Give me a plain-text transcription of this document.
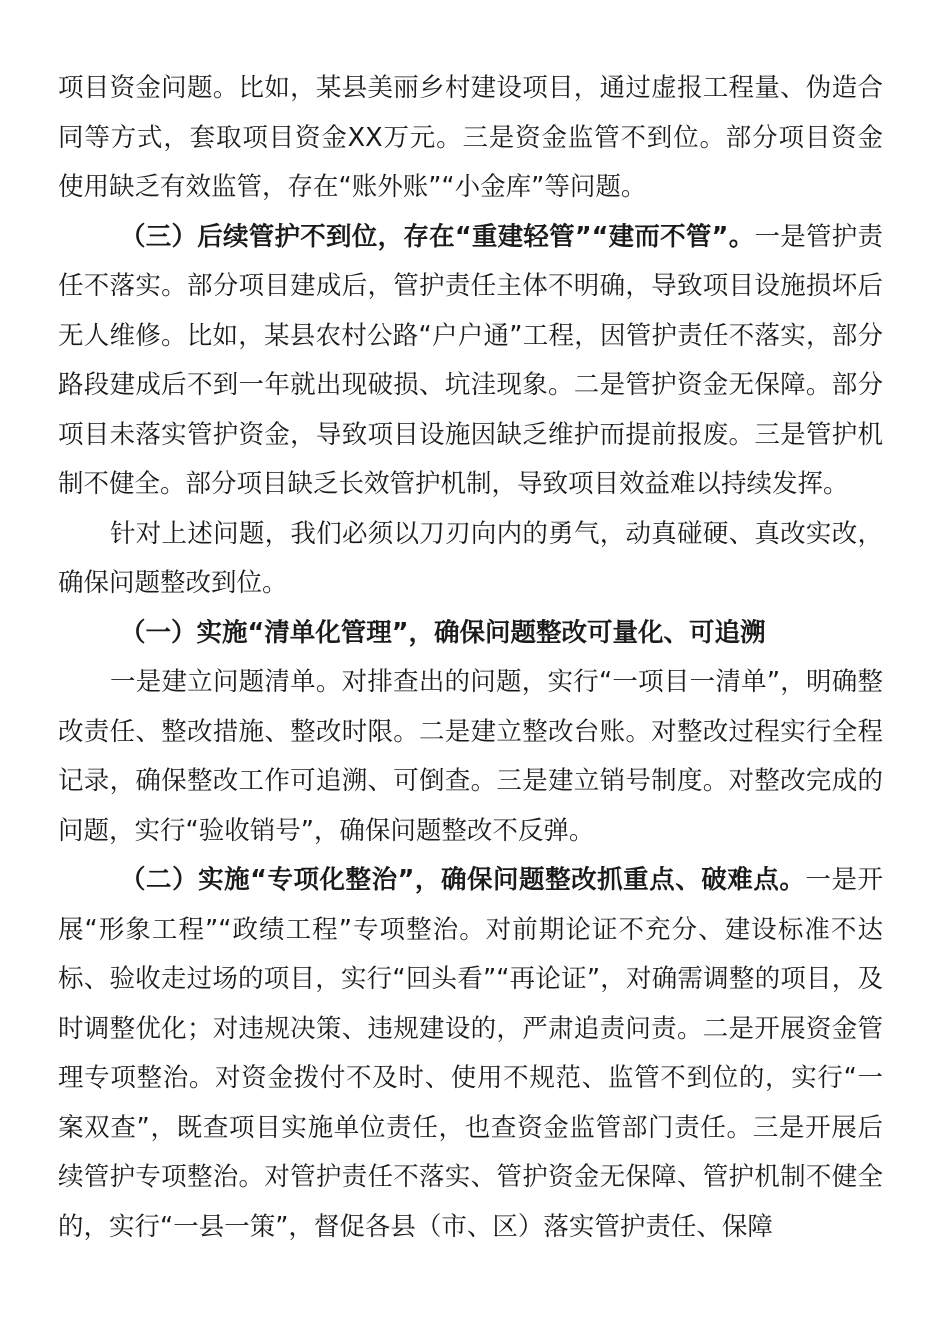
项目资金问题。比如，某县美丽乡村建设项目，通过虚报工程量、伪造合同等方式，套取项目资金XX万元。三是资金监管不到位。部分项目资金使用缺乏有效监管，存在“账外账”“小金库”等问题。

（三）后续管护不到位，存在“重建轻管”“建而不管”。一是管护责任不落实。部分项目建成后，管护责任主体不明确，导致项目设施损坏后无人维修。比如，某县农村公路“户户通”工程，因管护责任不落实，部分路段建成后不到一年就出现破损、坑洼现象。二是管护资金无保障。部分项目未落实管护资金，导致项目设施因缺乏维护而提前报废。三是管护机制不健全。部分项目缺乏长效管护机制，导致项目效益难以持续发挥。

针对上述问题，我们必须以刀刃向内的勇气，动真碰硬、真改实改，确保问题整改到位。

（一）实施“清单化管理”，确保问题整改可量化、可追溯

一是建立问题清单。对排查出的问题，实行“一项目一清单”，明确整改责任、整改措施、整改时限。二是建立整改台账。对整改过程实行全程记录，确保整改工作可追溯、可倒查。三是建立销号制度。对整改完成的问题，实行“验收销号”，确保问题整改不反弹。

（二）实施“专项化整治”，确保问题整改抓重点、破难点。一是开展“形象工程”“政绩工程”专项整治。对前期论证不充分、建设标准不达标、验收走过场的项目，实行“回头看”“再论证”，对确需调整的项目，及时调整优化；对违规决策、违规建设的，严肃追责问责。二是开展资金管理专项整治。对资金拨付不及时、使用不规范、监管不到位的，实行“一案双查”，既查项目实施单位责任，也查资金监管部门责任。三是开展后续管护专项整治。对管护责任不落实、管护资金无保障、管护机制不健全的，实行“一县一策”，督促各县（市、区）落实管护责任、保障
